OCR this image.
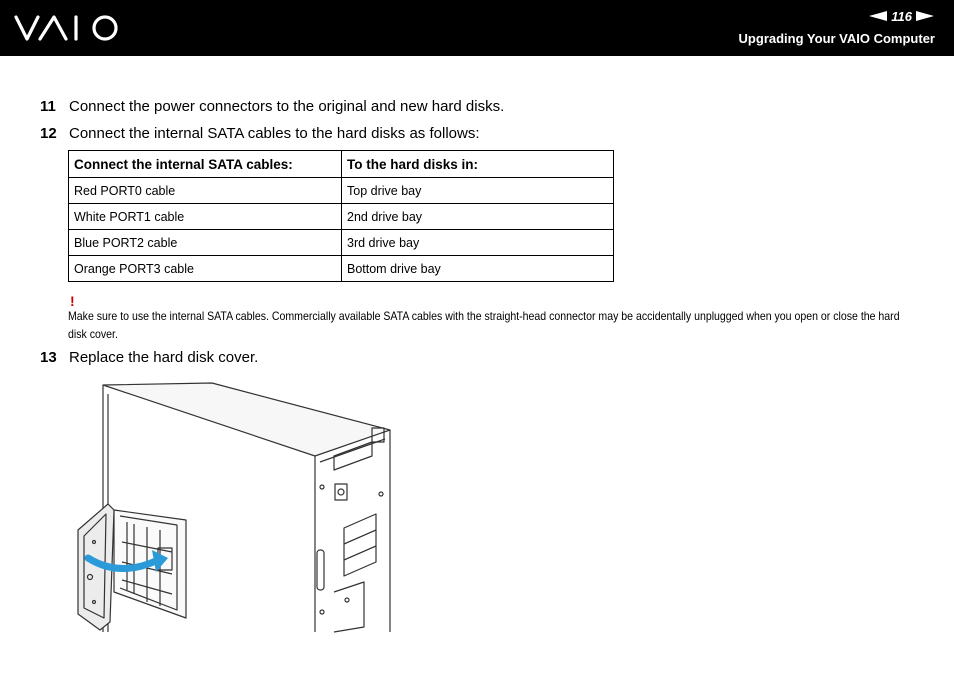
116
Upgrading Your VAIO Computer
11 Connect the power connectors to the original and new hard disks.
12 Connect the internal SATA cables to the hard disks as follows:
Connect the internal SATA cables:	To the hard disks in:
Red PORT0 cable	Top drive bay
White PORT1 cable	2nd drive bay
Blue PORT2 cable	3rd drive bay
Orange PORT3 cable	Bottom drive bay
!
Make sure to use the internal SATA cables. Commercially available SATA cables with the straight-head connector may be accidentally unplugged when you open or close the hard disk cover.
13 Replace the hard disk cover.
